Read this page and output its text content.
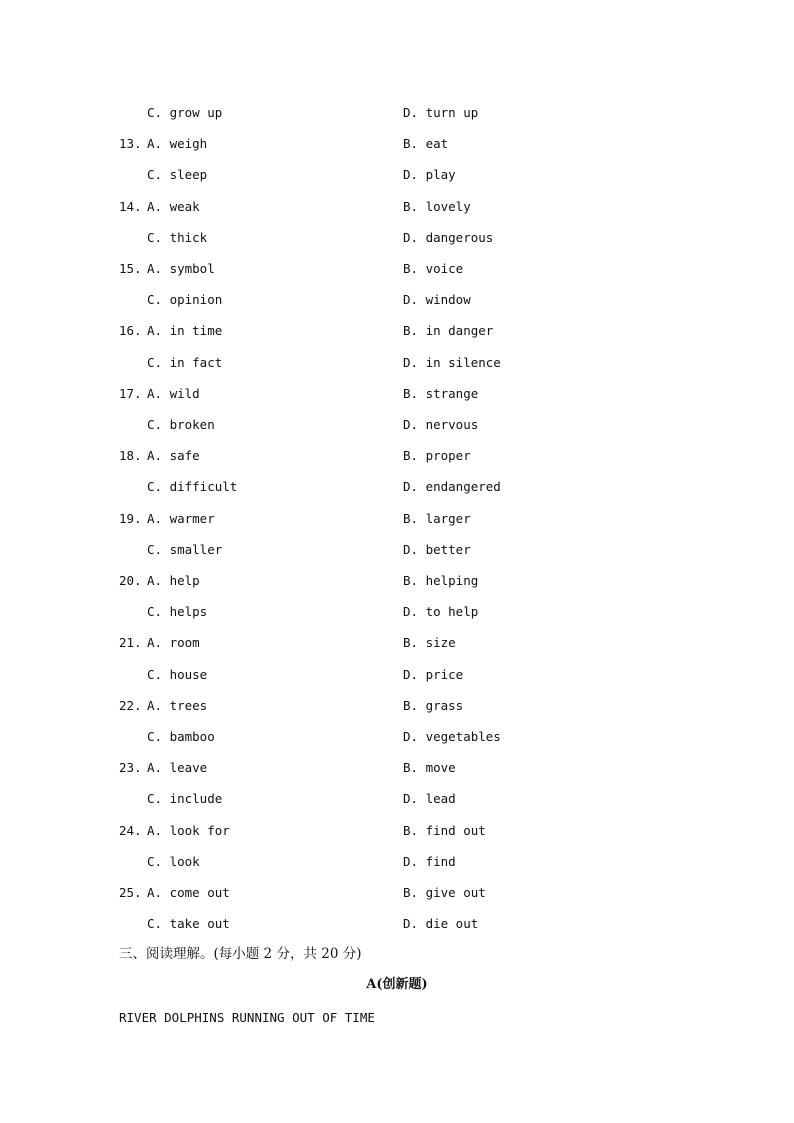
C. grow up	D. turn up
13. A. weigh	B. eat
C. sleep	D. play
14. A. weak	B. lovely
C. thick	D. dangerous
15. A. symbol	B. voice
C. opinion	D. window
16. A. in time	B. in danger
C. in fact	D. in silence
17. A. wild	B. strange
C. broken	D. nervous
18. A. safe	B. proper
C. difficult	D. endangered
19. A. warmer	B. larger
C. smaller	D. better
20. A. help	B. helping
C. helps	D. to help
21. A. room	B. size
C. house	D. price
22. A. trees	B. grass
C. bamboo	D. vegetables
23. A. leave	B. move
C. include	D. lead
24. A. look for	B. find out
C. look	D. find
25. A. come out	B. give out
C. take out	D. die out
三、阅读理解。(每小题 2 分，共 20 分)
A(创新题)
RIVER DOLPHINS RUNNING OUT OF TIME
